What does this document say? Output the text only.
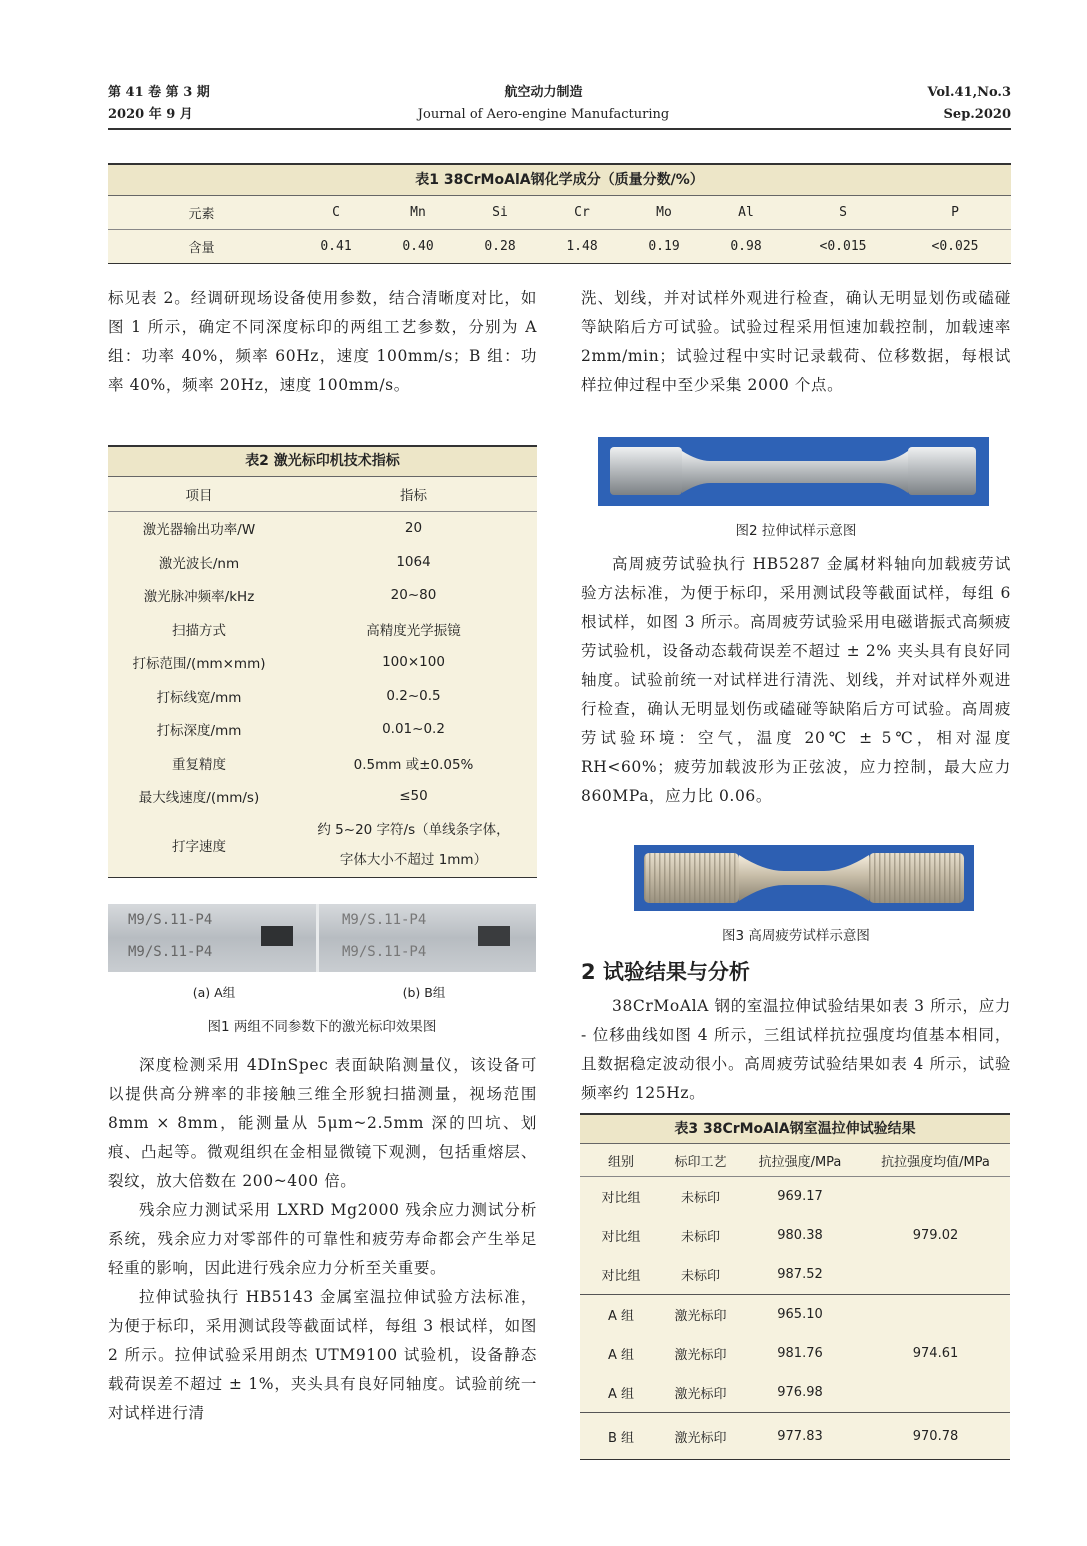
第 41 卷 第 3 期
2020 年 9 月
航空动力制造
Journal of Aero-engine Manufacturing
Vol.41,No.3
Sep.2020
表1 38CrMoAlA钢化学成分（质量分数/%）
元素	C	Mn	Si	Cr	Mo	Al	S	P
含量	0.41	0.40	0.28	1.48	0.19	0.98	<0.015	<0.025

标见表 2。经调研现场设备使用参数，结合清晰度对比，如图 1 所示，确定不同深度标印的两组工艺参数，分别为 A 组：功率 40%，频率 60Hz，速度 100mm/s；B 组：功率 40%，频率 20Hz，速度 100mm/s。

表2 激光标印机技术指标
项目	指标
激光器输出功率/W	20
激光波长/nm	1064
激光脉冲频率/kHz	20~80
扫描方式	高精度光学振镜
打标范围/(mm×mm)	100×100
打标线宽/mm	0.2~0.5
打标深度/mm	0.01~0.2
重复精度	0.5mm 或±0.05%
最大线速度/(mm/s)	≤50
打字速度	约 5~20 字符/s（单线条字体，
字体大小不超过 1mm）
M9/S.11-P4
M9/S.11-P4
M9/S.11-P4
M9/S.11-P4
(a) A组	(b) B组
图1 两组不同参数下的激光标印效果图

深度检测采用 4DInSpec 表面缺陷测量仪，该设备可以提供高分辨率的非接触三维全形貌扫描测量，视场范围 8mm × 8mm，能测量从 5μm~2.5mm 深的凹坑、划痕、凸起等。微观组织在金相显微镜下观测，包括重熔层、裂纹，放大倍数在 200~400 倍。

残余应力测试采用 LXRD Mg2000 残余应力测试分析系统，残余应力对零部件的可靠性和疲劳寿命都会产生举足轻重的影响，因此进行残余应力分析至关重要。

拉伸试验执行 HB5143 金属室温拉伸试验方法标准，为便于标印，采用测试段等截面试样，每组 3 根试样，如图 2 所示。拉伸试验采用朗杰 UTM9100 试验机，设备静态载荷误差不超过 ± 1%，夹头具有良好同轴度。试验前统一对试样进行清

洗、划线，并对试样外观进行检查，确认无明显划伤或磕碰等缺陷后方可试验。试验过程采用恒速加载控制，加载速率 2mm/min；试验过程中实时记录载荷、位移数据，每根试样拉伸过程中至少采集 2000 个点。

图2 拉伸试样示意图

高周疲劳试验执行 HB5287 金属材料轴向加载疲劳试验方法标准，为便于标印，采用测试段等截面试样，每组 6 根试样，如图 3 所示。高周疲劳试验采用电磁谐振式高频疲劳试验机，设备动态载荷误差不超过 ± 2% 夹头具有良好同轴度。试验前统一对试样进行清洗、划线，并对试样外观进行检查，确认无明显划伤或磕碰等缺陷后方可试验。高周疲劳试验环境：空气，温度 20℃ ± 5℃，相对湿度 RH<60%；疲劳加载波形为正弦波，应力控制，最大应力 860MPa，应力比 0.06。

图3 高周疲劳试样示意图
2 试验结果与分析

38CrMoAlA 钢的室温拉伸试验结果如表 3 所示，应力 - 位移曲线如图 4 所示，三组试样抗拉强度均值基本相同，且数据稳定波动很小。高周疲劳试验结果如表 4 所示，试验频率约 125Hz。

表3 38CrMoAlA钢室温拉伸试验结果
组别	标印工艺	抗拉强度/MPa	抗拉强度均值/MPa
对比组	未标印	969.17	979.02
对比组	未标印	980.38	
对比组	未标印	987.52	
A 组	激光标印	965.10	974.61
A 组	激光标印	981.76	
A 组	激光标印	976.98	
B 组	激光标印	977.83	970.78
